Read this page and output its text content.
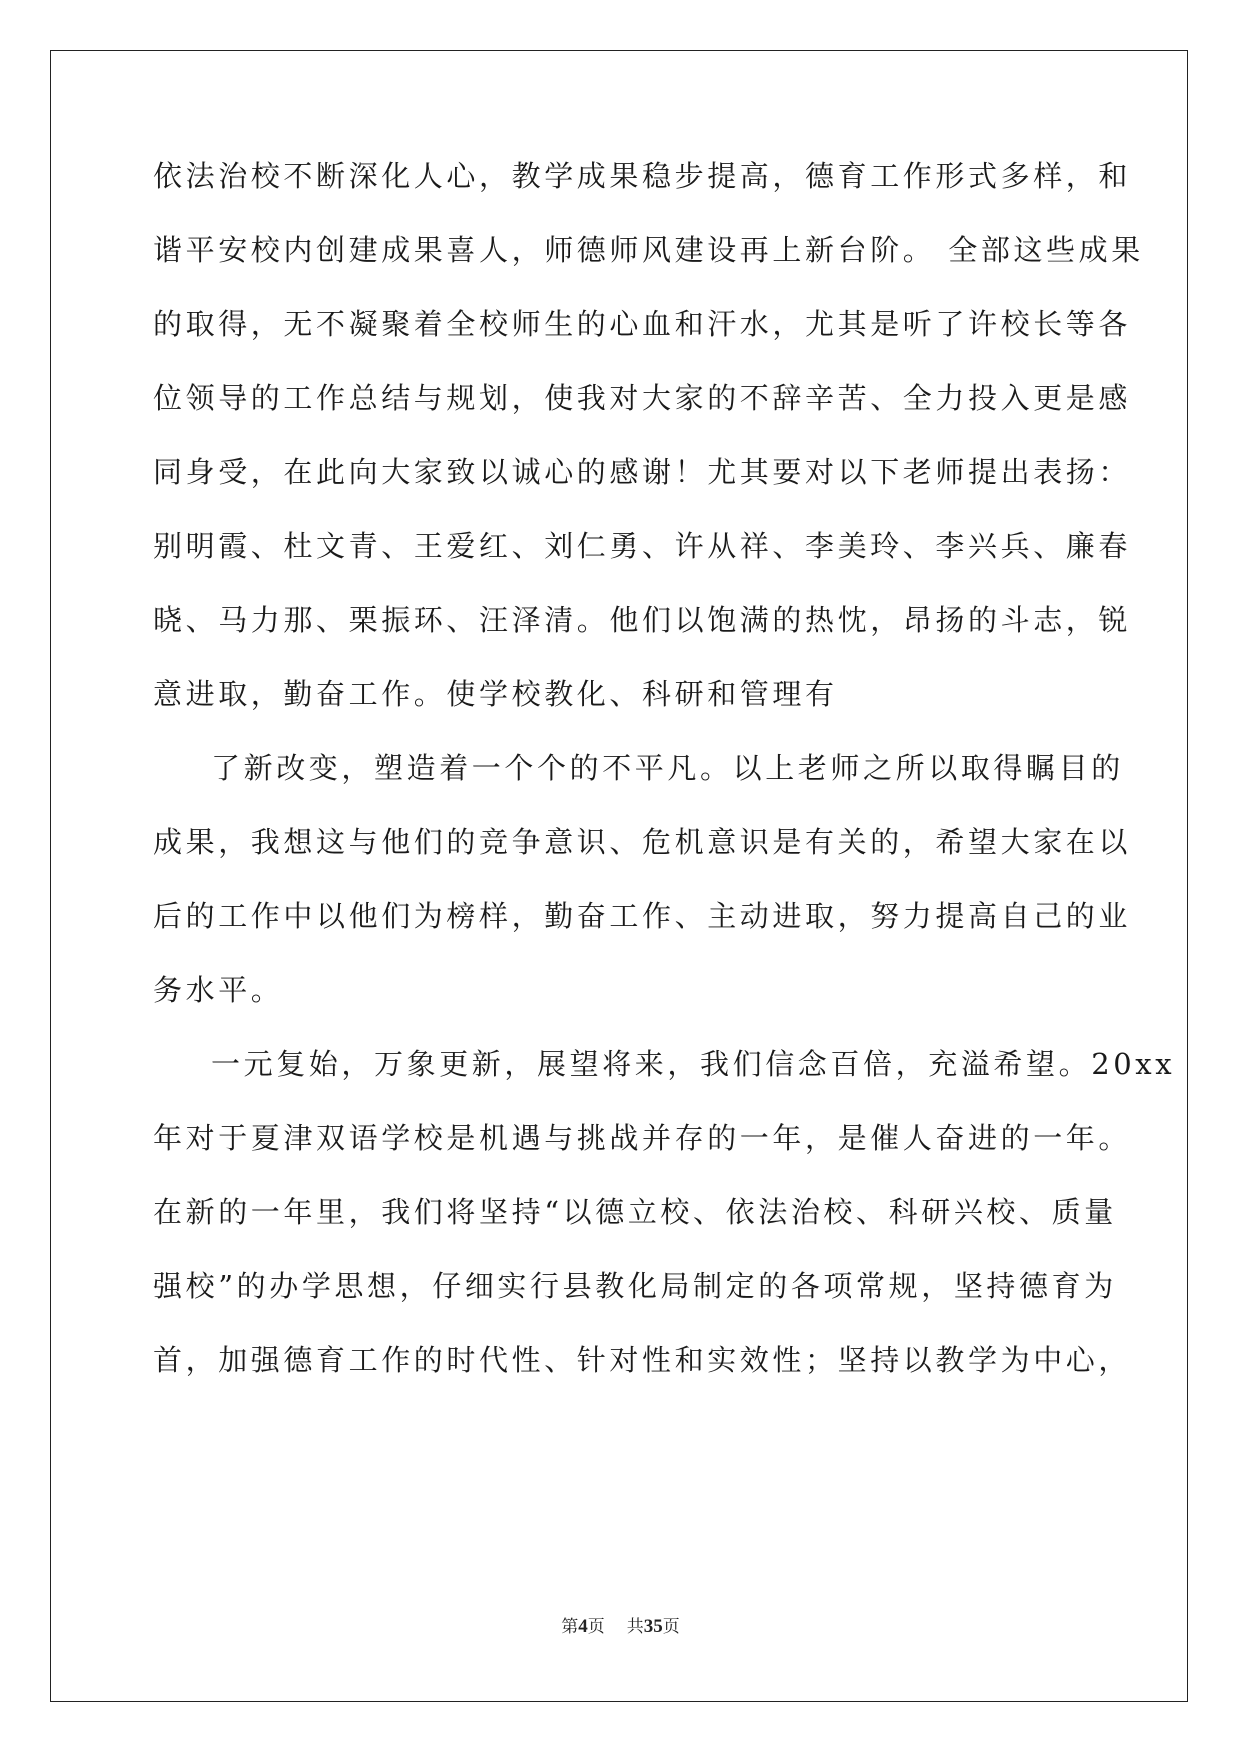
依法治校不断深化人心，教学成果稳步提高，德育工作形式多样，和
谐平安校内创建成果喜人，师德师风建设再上新台阶。 全部这些成果
的取得，无不凝聚着全校师生的心血和汗水，尤其是听了许校长等各
位领导的工作总结与规划，使我对大家的不辞辛苦、全力投入更是感
同身受，在此向大家致以诚心的感谢！尤其要对以下老师提出表扬：
别明霞、杜文青、王爱红、刘仁勇、许从祥、李美玲、李兴兵、廉春
晓、马力那、栗振环、汪泽清。他们以饱满的热忱，昂扬的斗志，锐
意进取，勤奋工作。使学校教化、科研和管理有
了新改变，塑造着一个个的不平凡。以上老师之所以取得瞩目的
成果，我想这与他们的竞争意识、危机意识是有关的，希望大家在以
后的工作中以他们为榜样，勤奋工作、主动进取，努力提高自己的业
务水平。
一元复始，万象更新，展望将来，我们信念百倍，充溢希望。20xx
年对于夏津双语学校是机遇与挑战并存的一年，是催人奋进的一年。
在新的一年里，我们将坚持“以德立校、依法治校、科研兴校、质量
强校”的办学思想，仔细实行县教化局制定的各项常规，坚持德育为
首，加强德育工作的时代性、针对性和实效性；坚持以教学为中心，
第4页 共35页
